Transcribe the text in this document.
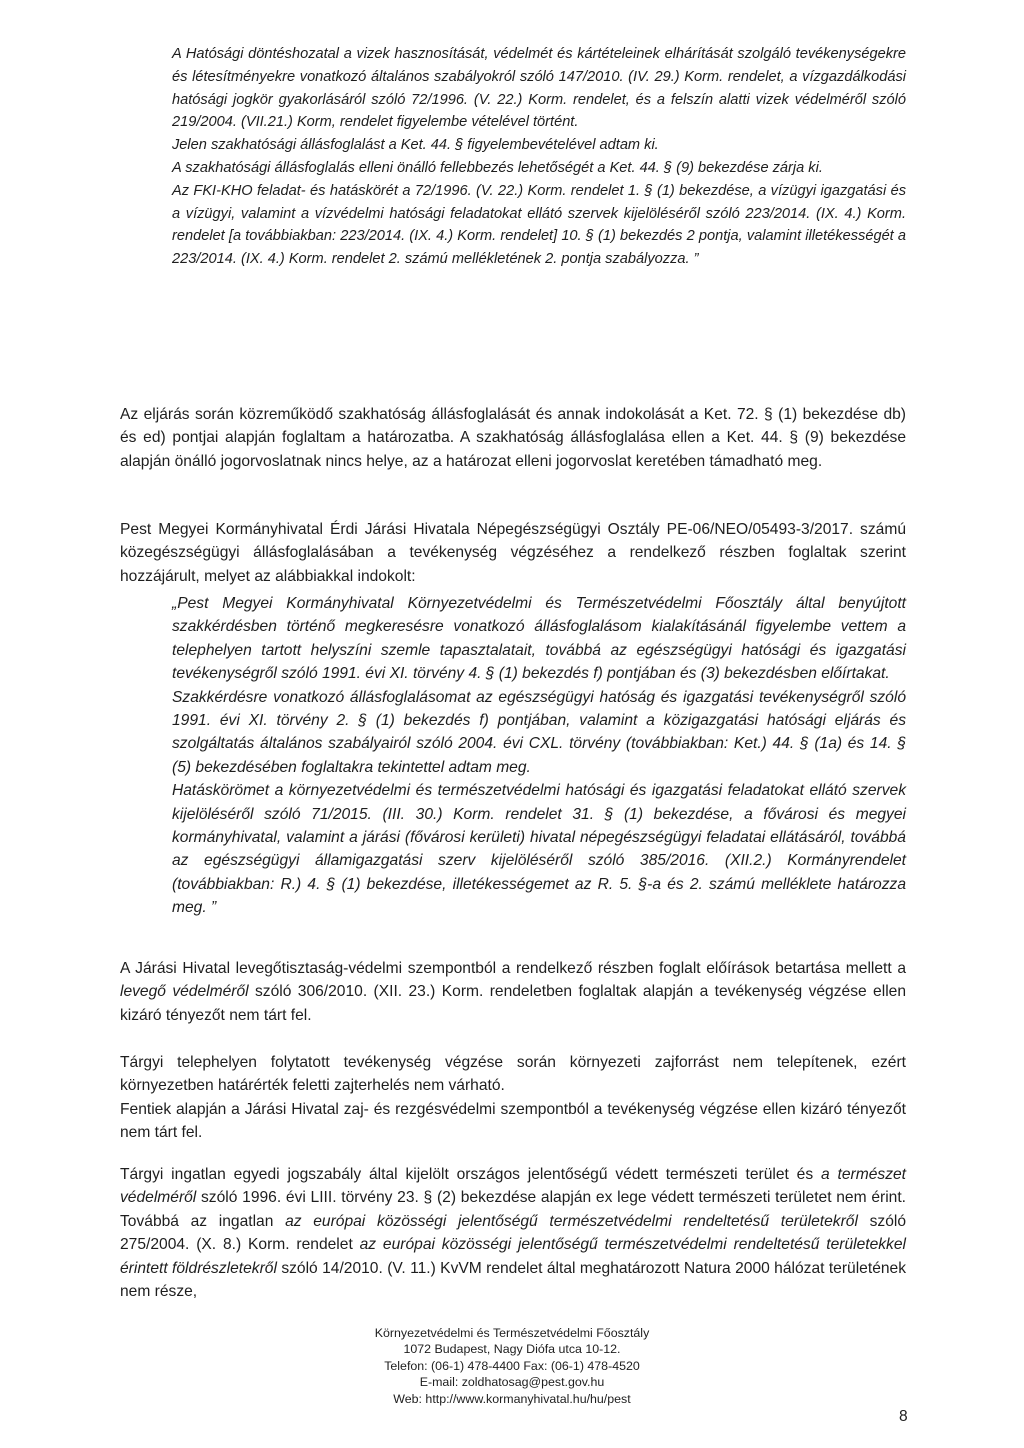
A Hatósági döntéshozatal a vizek hasznosítását, védelmét és kártételeinek elhárítását szolgáló tevékenységekre és létesítményekre vonatkozó általános szabályokról szóló 147/2010. (IV. 29.) Korm. rendelet, a vízgazdálkodási hatósági jogkör gyakorlásáról szóló 72/1996. (V. 22.) Korm. rendelet, és a felszín alatti vizek védelméről szóló 219/2004. (VII.21.) Korm, rendelet figyelembe vételével történt.

Jelen szakhatósági állásfoglalást a Ket. 44. § figyelembevételével adtam ki.

A szakhatósági állásfoglalás elleni önálló fellebbezés lehetőségét a Ket. 44. § (9) bekezdése zárja ki.

Az FKI-KHO feladat- és hatáskörét a 72/1996. (V. 22.) Korm. rendelet 1. § (1) bekezdése, a vízügyi igazgatási és a vízügyi, valamint a vízvédelmi hatósági feladatokat ellátó szervek kijelöléséről szóló 223/2014. (IX. 4.) Korm. rendelet [a továbbiakban: 223/2014. (IX. 4.) Korm. rendelet] 10. § (1) bekezdés 2 pontja, valamint illetékességét a 223/2014. (IX. 4.) Korm. rendelet 2. számú mellékletének 2. pontja szabályozza. ”

Az eljárás során közreműködő szakhatóság állásfoglalását és annak indokolását a Ket. 72. § (1) bekezdése db) és ed) pontjai alapján foglaltam a határozatba. A szakhatóság állásfoglalása ellen a Ket. 44. § (9) bekezdése alapján önálló jogorvoslatnak nincs helye, az a határozat elleni jogorvoslat keretében támadható meg.

Pest Megyei Kormányhivatal Érdi Járási Hivatala Népegészségügyi Osztály PE-06/NEO/05493-3/2017. számú közegészségügyi állásfoglalásában a tevékenység végzéséhez a rendelkező részben foglaltak szerint hozzájárult, melyet az alábbiakkal indokolt:

„Pest Megyei Kormányhivatal Környezetvédelmi és Természetvédelmi Főosztály által benyújtott szakkérdésben történő megkeresésre vonatkozó állásfoglalásom kialakításánál figyelembe vettem a telephelyen tartott helyszíni szemle tapasztalatait, továbbá az egészségügyi hatósági és igazgatási tevékenységről szóló 1991. évi XI. törvény 4. § (1) bekezdés f) pontjában és (3) bekezdésben előírtakat.

Szakkérdésre vonatkozó állásfoglalásomat az egészségügyi hatóság és igazgatási tevékenységről szóló 1991. évi XI. törvény 2. § (1) bekezdés f) pontjában, valamint a közigazgatási hatósági eljárás és szolgáltatás általános szabályairól szóló 2004. évi CXL. törvény (továbbiakban: Ket.) 44. § (1a) és 14. § (5) bekezdésében foglaltakra tekintettel adtam meg.

Hatáskörömet a környezetvédelmi és természetvédelmi hatósági és igazgatási feladatokat ellátó szervek kijelöléséről szóló 71/2015. (III. 30.) Korm. rendelet 31. § (1) bekezdése, a fővárosi és megyei kormányhivatal, valamint a járási (fővárosi kerületi) hivatal népegészségügyi feladatai ellátásáról, továbbá az egészségügyi államigazgatási szerv kijelöléséről szóló 385/2016. (XII.2.) Kormányrendelet (továbbiakban: R.) 4. § (1) bekezdése, illetékességemet az R. 5. §-a és 2. számú melléklete határozza meg. ”

A Járási Hivatal levegőtisztaság-védelmi szempontból a rendelkező részben foglalt előírások betartása mellett a levegő védelméről szóló 306/2010. (XII. 23.) Korm. rendeletben foglaltak alapján a tevékenység végzése ellen kizáró tényezőt nem tárt fel.

Tárgyi telephelyen folytatott tevékenység végzése során környezeti zajforrást nem telepítenek, ezért környezetben határérték feletti zajterhelés nem várható.

Fentiek alapján a Járási Hivatal zaj- és rezgésvédelmi szempontból a tevékenység végzése ellen kizáró tényezőt nem tárt fel.

Tárgyi ingatlan egyedi jogszabály által kijelölt országos jelentőségű védett természeti terület és a természet védelméről szóló 1996. évi LIII. törvény 23. § (2) bekezdése alapján ex lege védett természeti területet nem érint. Továbbá az ingatlan az európai közösségi jelentőségű természetvédelmi rendeltetésű területekről szóló 275/2004. (X. 8.) Korm. rendelet az európai közösségi jelentőségű természetvédelmi rendeltetésű területekkel érintett földrészletekről szóló 14/2010. (V. 11.) KvVM rendelet által meghatározott Natura 2000 hálózat területének nem része,

Környezetvédelmi és Természetvédelmi Főosztály
1072 Budapest, Nagy Diófa utca 10-12.
Telefon: (06-1) 478-4400 Fax: (06-1) 478-4520
E-mail: zoldhatosag@pest.gov.hu
Web: http://www.kormanyhivatal.hu/hu/pest
8
